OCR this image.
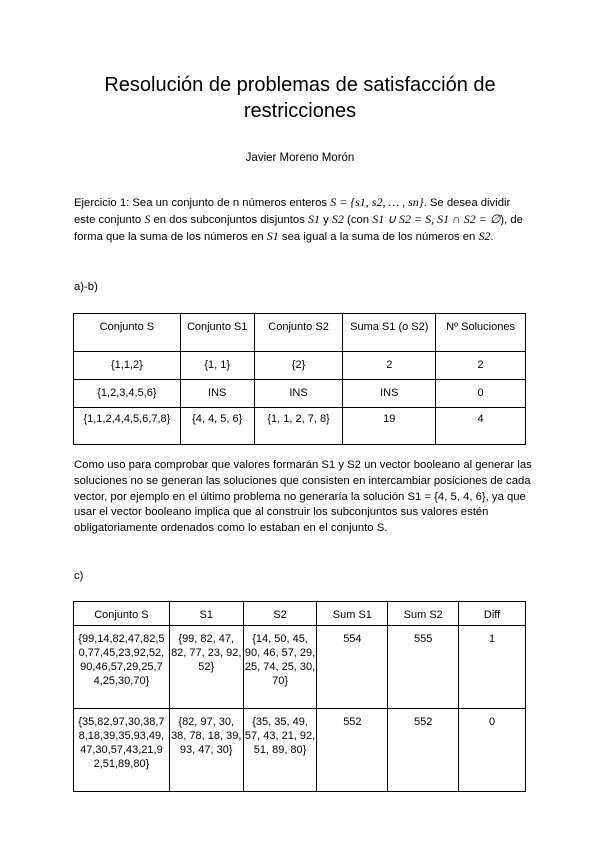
Resolución de problemas de satisfacción de restricciones
Javier Moreno Morón
Ejercicio 1: Sea un conjunto de n números enteros S = {s1, s2, … , sn}. Se desea dividir este conjunto S en dos subconjuntos disjuntos S1 y S2 (con S1 ∪ S2 = S, S1 ∩ S2 = ∅), de forma que la suma de los números en S1 sea igual a la suma de los números en S2.
a)-b)
Conjunto S	Conjunto S1	Conjunto S2	Suma S1 (o S2)	Nº Soluciones
{1,1,2}	{1, 1}	{2}	2	2
{1,2,3,4,5,6}	INS	INS	INS	0
{1,1,2,4,4,5,6,7,8}	{4, 4, 5, 6}	{1, 1, 2, 7, 8}	19	4
Como uso para comprobar que valores formarán S1 y S2 un vector booleano al generar las soluciones no se generan las soluciones que consisten en intercambiar posiciones de cada vector, por ejemplo en el último problema no generaría la solución S1 = {4, 5, 4, 6}, ya que usar el vector booleano implica que al construir los subconjuntos sus valores estén obligatoriamente ordenados como lo estaban en el conjunto S.
c)
Conjunto S	S1	S2	Sum S1	Sum S2	Diff
{99,14,82,47,82,50,77,45,23,92,52,90,46,57,29,25,74,25,30,70}	{99, 82, 47, 82, 77, 23, 92, 52}	{14, 50, 45, 90, 46, 57, 29, 25, 74, 25, 30, 70}	554	555	1
{35,82,97,30,38,78,18,39,35,93,49,47,30,57,43,21,92,51,89,80}	{82, 97, 30, 38, 78, 18, 39, 93, 47, 30}	{35, 35, 49, 57, 43, 21, 92, 51, 89, 80}	552	552	0
